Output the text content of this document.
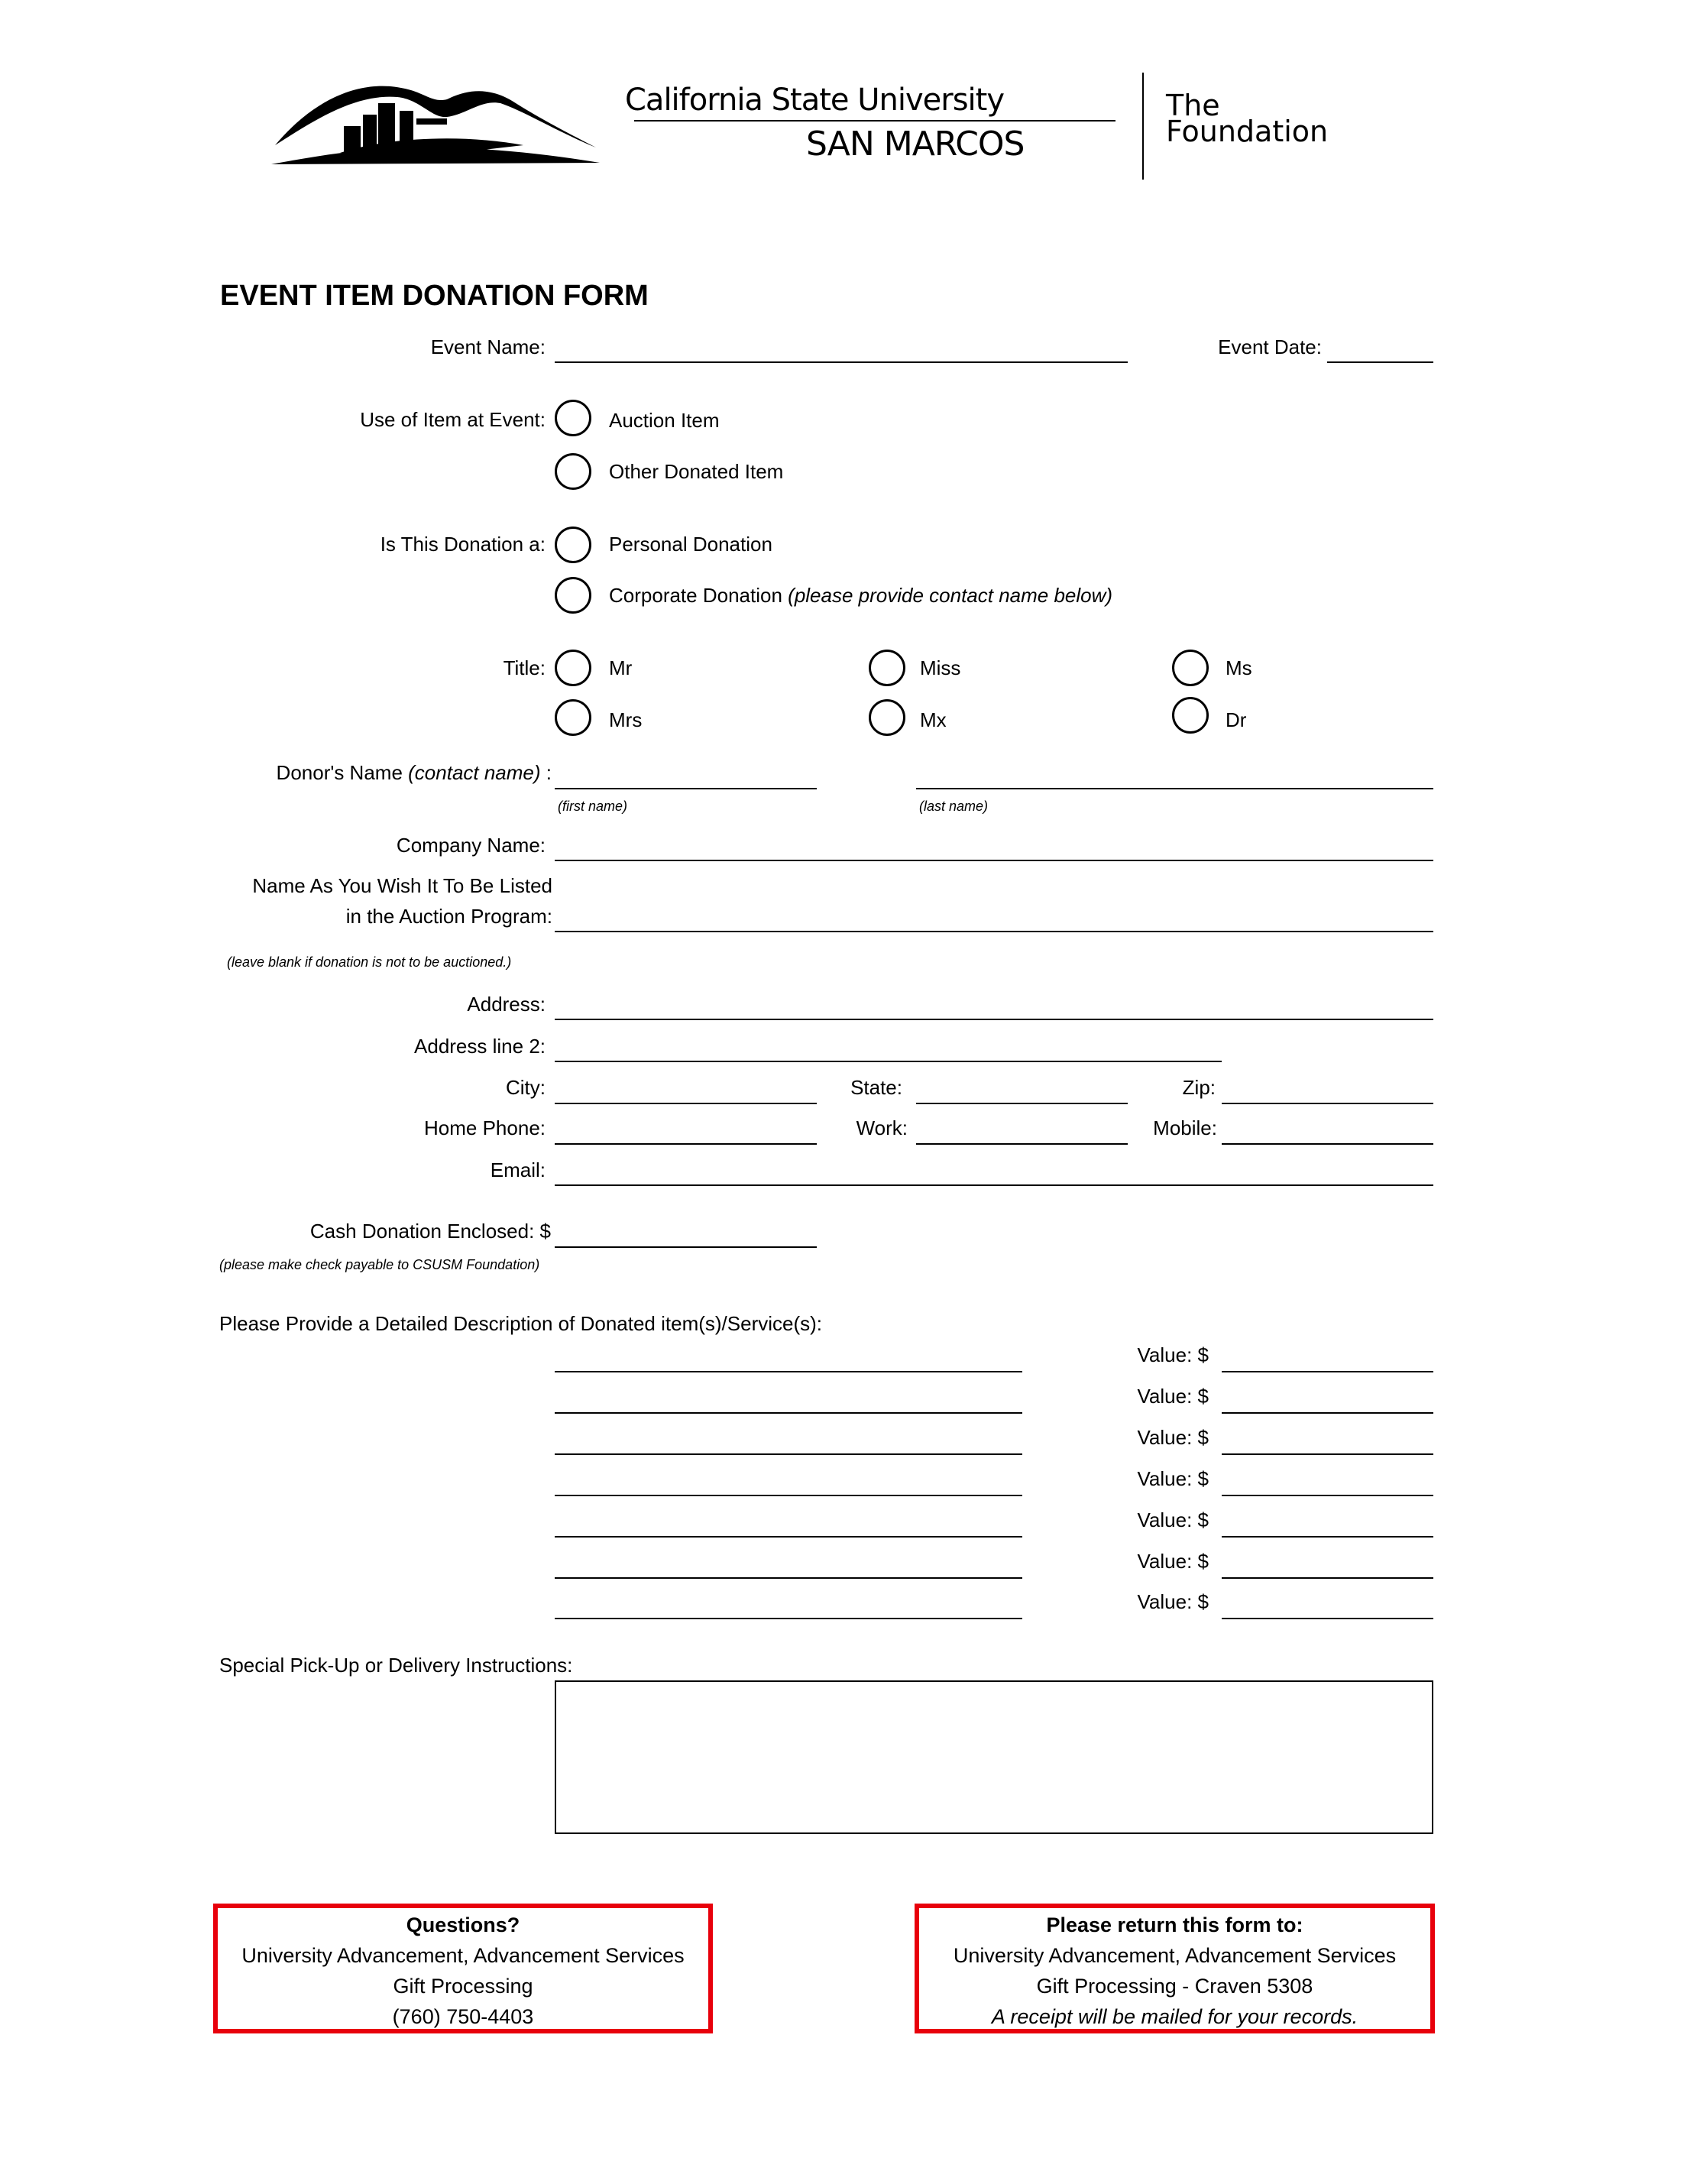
California State University
SAN MARCOS
The
Foundation
EVENT ITEM DONATION FORM
Event Name:	Event Date:
Use of Item at Event:	Auction Item
Other Donated Item
Is This Donation a:	Personal Donation
Corporate Donation (please provide contact name below)
Title:	Mr	Miss	Ms
Mrs	Mx	Dr
Donor's Name (contact name) :
(first name)	(last name)
Company Name:
Name As You Wish It To Be Listed
in the Auction Program:
(leave blank if donation is not to be auctioned.)
Address:
Address line 2:
City:	State:	Zip:
Home Phone:	Work:	Mobile:
Email:
Cash Donation Enclosed: $
(please make check payable to CSUSM Foundation)
Please Provide a Detailed Description of Donated item(s)/Service(s):
Value: $
Value: $
Value: $
Value: $
Value: $
Value: $
Value: $
Special Pick-Up or Delivery Instructions:
Questions?
University Advancement, Advancement Services
Gift Processing
(760) 750-4403
Please return this form to:
University Advancement, Advancement Services
Gift Processing - Craven 5308
A receipt will be mailed for your records.
